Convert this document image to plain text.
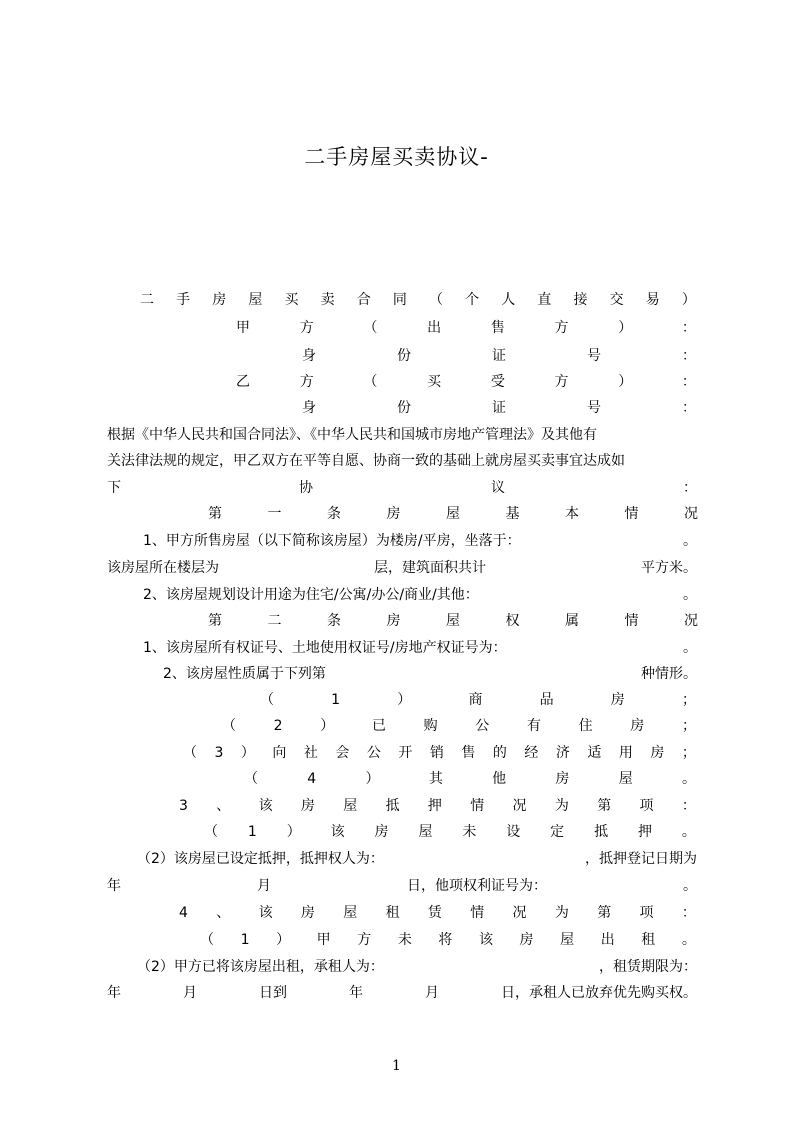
二手房屋买卖协议-
二 手 房 屋 买 卖 合 同 （ 个 人 直 接 交 易 ）
甲	方	（	出	售	方	）	：
身	份	证	号	：
乙	方	（	买	受	方	）	：
身	份	证	号	：
根据《中华人民共和国合同法》、《中华人民共和国城市房地产管理法》及其他有
关法律法规的规定，甲乙双方在平等自愿、协商一致的基础上就房屋买卖事宜达成如
下	协	议	：
第	一	条	房	屋	基	本	情	况
1、甲方所售房屋（以下简称该房屋）为楼房/平房，坐落于：	。
该房屋所在楼层为	层，建筑面积共计	平方米。
2、该房屋规划设计用途为住宅/公寓/办公/商业/其他：	。
第	二	条	房	屋	权	属	情	况
1、该房屋所有权证号、土地使用权证号/房地产权证号为：	。
2、该房屋性质属于下列第	种情形。
（	1	）	商	品	房	；
（	2	）	已	购	公	有	住	房	；
（ 3 ） 向 社 会 公 开 销 售 的 经 济 适 用 房 ；
（	4	）	其	他	房	屋	。
3 、 该 房 屋 抵 押 情 况 为 第 项 ：
（ 1 ） 该 房 屋 未 设 定 抵 押 。
（2）该房屋已设定抵押，抵押权人为：	，抵押登记日期为
年	月	日，他项权利证号为：	。
4 、 该 房 屋 租 赁 情 况 为 第 项 ：
（ 1 ） 甲 方 未 将 该 房 屋 出 租 。
（2）甲方已将该房屋出租，承租人为：	，租赁期限为：
年	月	日到	年	月	日，承租人已放弃优先购买权。
1
